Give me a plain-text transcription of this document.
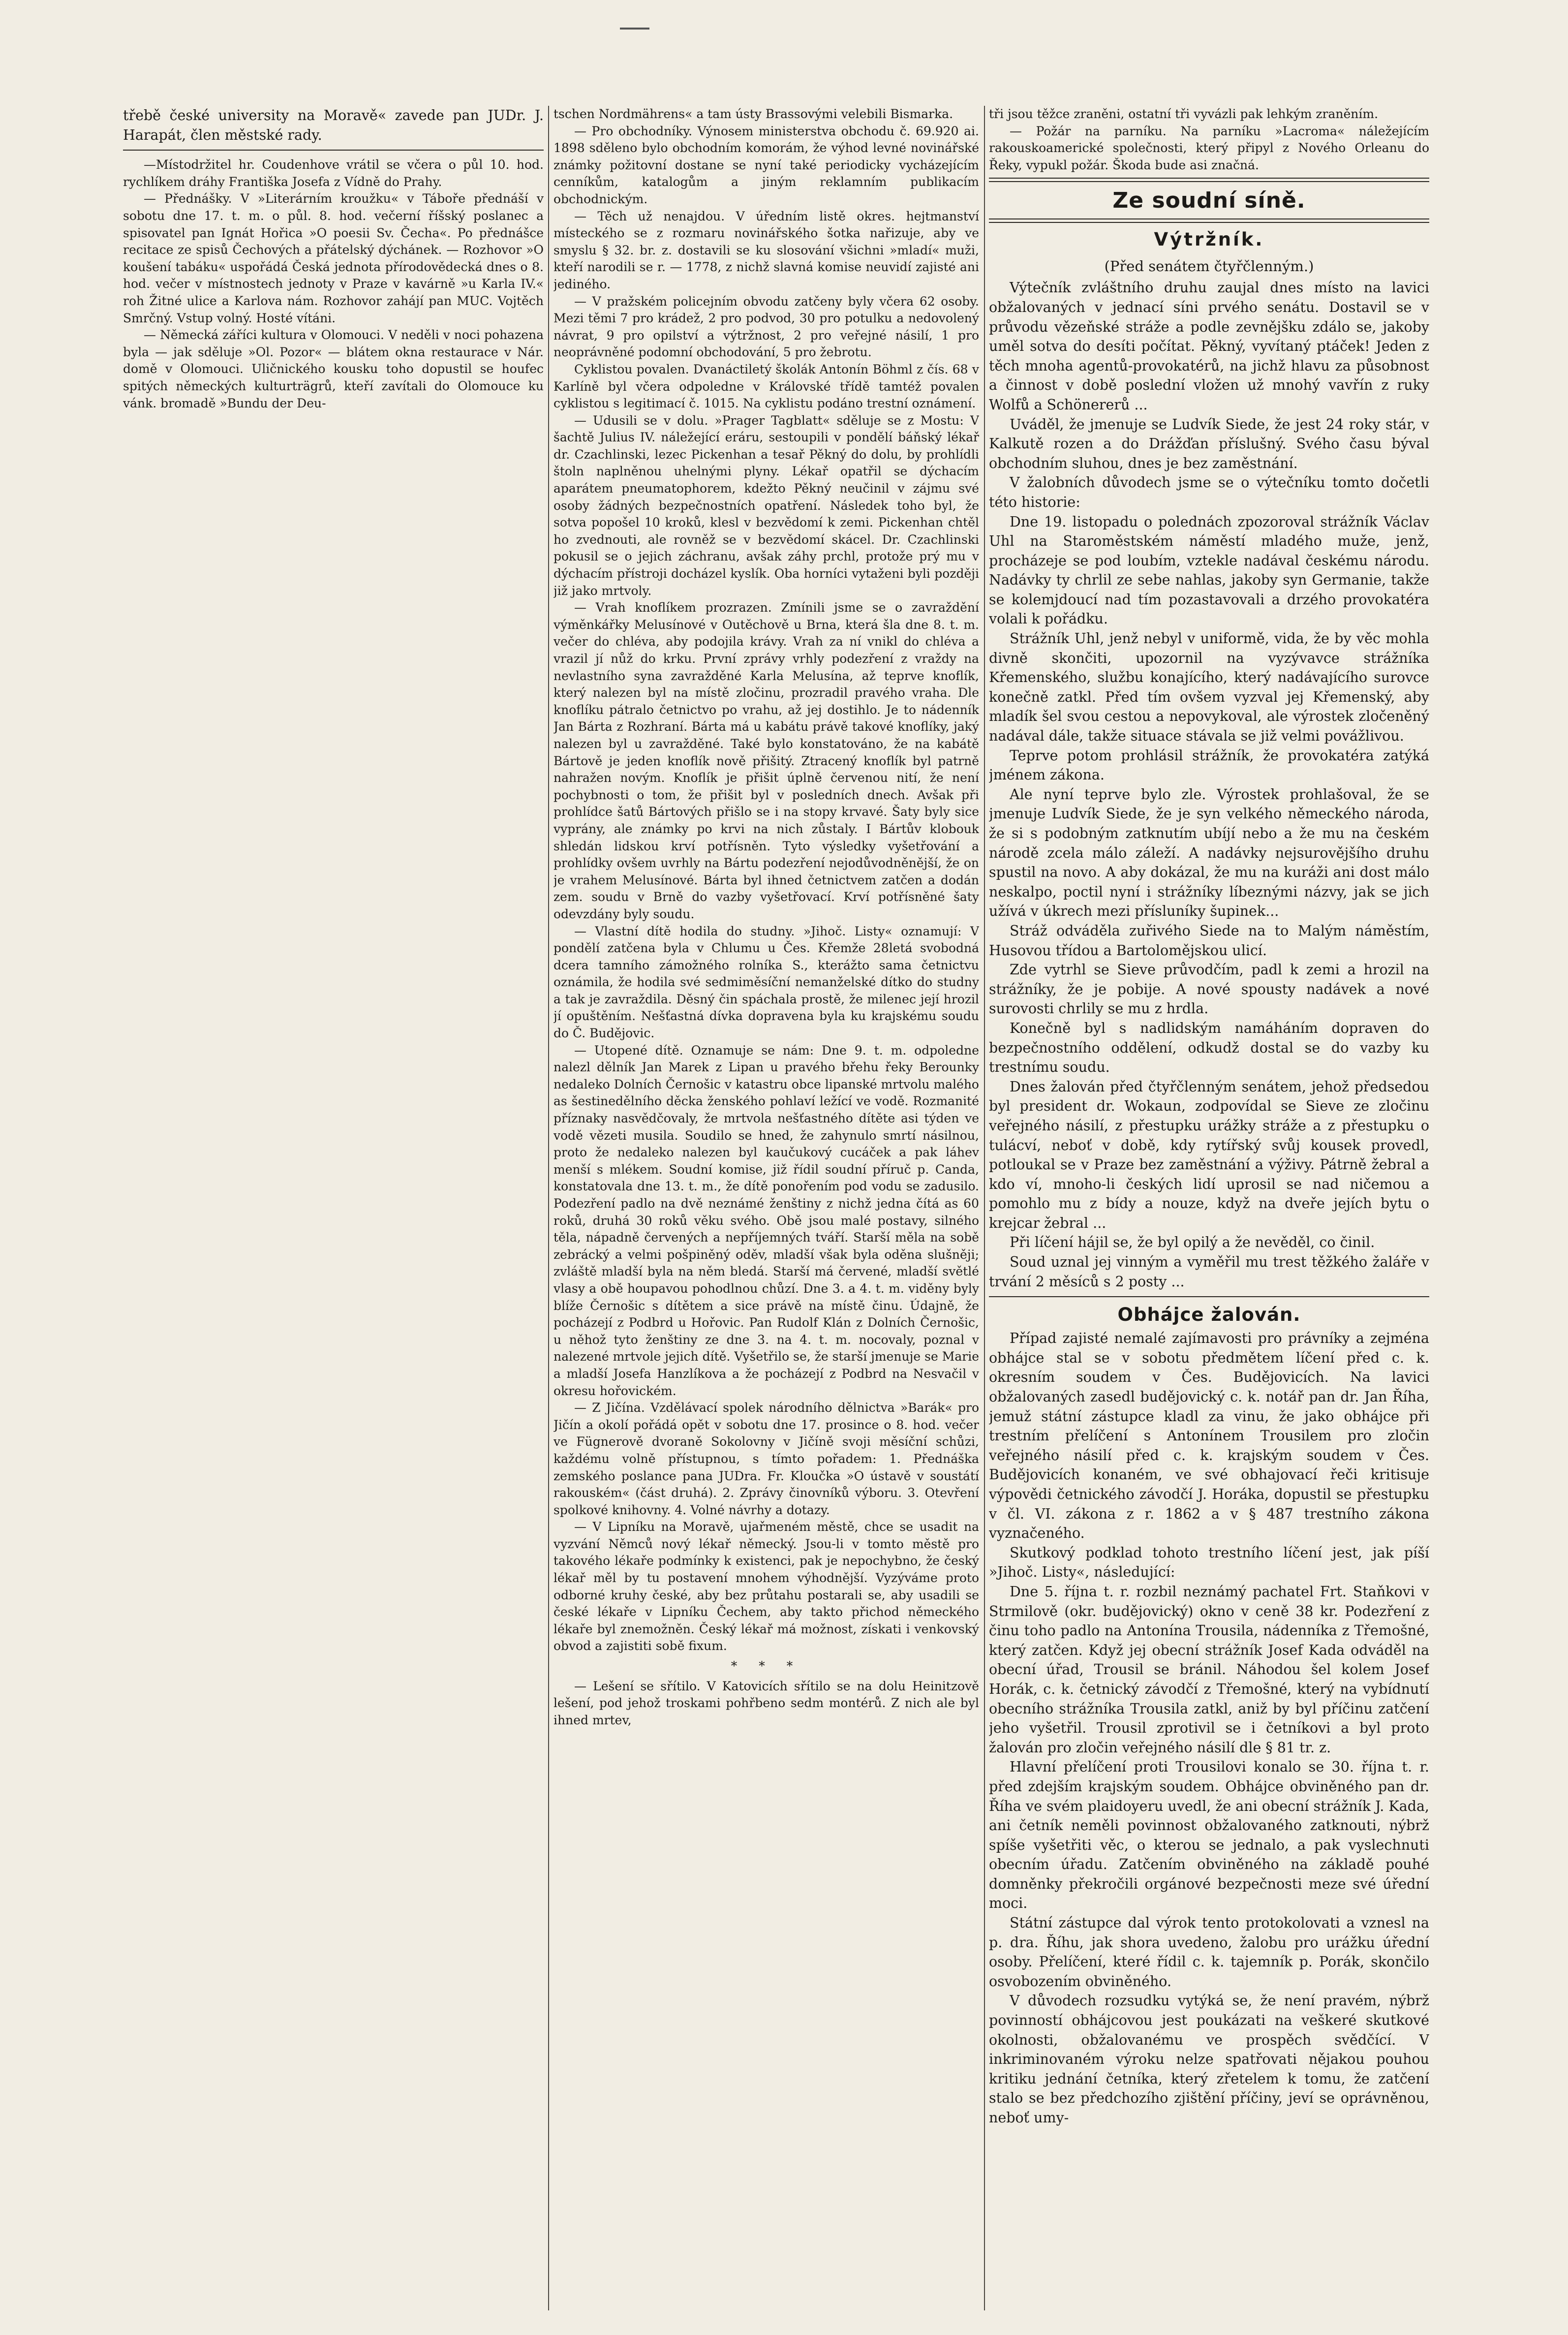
třebě české university na Moravě« zavede pan JUDr. J. Harapát, člen městské rady.

—Místodržitel hr. Coudenhove vrátil se včera o půl 10. hod. rychlíkem dráhy Františka Josefa z Vídně do Prahy.

— Přednášky. V »Literárním kroužku« v Táboře přednáší v sobotu dne 17. t. m. o půl. 8. hod. večerní říšský poslanec a spisovatel pan Ignát Hořica »O poesii Sv. Čecha«. Po přednášce recitace ze spisů Čechových a přátelský dýchánek. — Rozhovor »O koušení tabáku« uspořádá Česká jednota přírodovědecká dnes o 8. hod. večer v místnostech jednoty v Praze v kavárně »u Karla IV.« roh Žitné ulice a Karlova nám. Rozhovor zahájí pan MUC. Vojtěch Smrčný. Vstup volný. Hosté vítáni.

— Německá záříci kultura v Olomouci. V neděli v noci pohazena byla — jak sděluje »Ol. Pozor« — blátem okna restaurace v Nár. domě v Olomouci. Uličnického kousku toho dopustil se houfec spitých německých kulturträgrů, kteří zavítali do Olomouce ku vánk. bromadě »Bundu der Deu-

tschen Nordmährens« a tam ústy Brassovými velebili Bismarka.

— Pro obchodníky. Výnosem ministerstva obchodu č. 69.920 ai. 1898 sděleno bylo obchodním komorám, že výhod levné novinářské známky požitovní dostane se nyní také periodicky vycházejícím cenníkům, katalogům a jiným reklamním publikacím obchodnickým.

— Těch už nenajdou. V úředním listě okres. hejtmanství místeckého se z rozmaru novinářského šotka nařizuje, aby ve smyslu § 32. br. z. dostavili se ku slosování všichni »mladí« muži, kteří narodili se r. — 1778, z nichž slavná komise neuvidí zajisté ani jediného.

— V pražském policejním obvodu zatčeny byly včera 62 osoby. Mezi těmi 7 pro krádež, 2 pro podvod, 30 pro potulku a nedovolený návrat, 9 pro opilství a výtržnost, 2 pro veřejné násilí, 1 pro neoprávněné podomní obchodování, 5 pro žebrotu.

Cyklistou povalen. Dvanáctiletý školák Antonín Böhml z čís. 68 v Karlíně byl včera odpoledne v Královské třídě tamtéž povalen cyklistou s legitimací č. 1015. Na cyklistu podáno trestní oznámení.

— Udusili se v dolu. »Prager Tagblatt« sděluje se z Mostu: V šachtě Julius IV. náležející eráru, sestoupili v pondělí báňský lékař dr. Czachlinski, lezec Pickenhan a tesař Pěkný do dolu, by prohlídli štoln naplněnou uhelnými plyny. Lékař opatřil se dýchacím aparátem pneumatophorem, kdežto Pěkný neučinil v zájmu své osoby žádných bezpečnostních opatření. Následek toho byl, že sotva popošel 10 kroků, klesl v bezvědomí k zemi. Pickenhan chtěl ho zvednouti, ale rovněž se v bezvědomí skácel. Dr. Czachlinski pokusil se o jejich záchranu, avšak záhy prchl, protože prý mu v dýchacím přístroji docházel kyslík. Oba horníci vytaženi byli později již jako mrtvoly.

— Vrah knoflíkem prozrazen. Zmínili jsme se o zavraždění výměnkářky Melusínové v Outěchově u Brna, která šla dne 8. t. m. večer do chléva, aby podojila krávy. Vrah za ní vnikl do chléva a vrazil jí nůž do krku. První zprávy vrhly podezření z vraždy na nevlastního syna zavražděné Karla Melusína, až teprve knoflík, který nalezen byl na místě zločinu, prozradil pravého vraha. Dle knoflíku pátralo četnictvo po vrahu, až jej dostihlo. Je to nádenník Jan Bárta z Rozhraní. Bárta má u kabátu právě takové knoflíky, jaký nalezen byl u zavražděné. Také bylo konstatováno, že na kabátě Bártově je jeden knoflík nově přišitý. Ztracený knoflík byl patrně nahražen novým. Knoflík je přišit úplně červenou nití, že není pochybnosti o tom, že přišit byl v posledních dnech. Avšak při prohlídce šatů Bártových přišlo se i na stopy krvavé. Šaty byly sice vyprány, ale známky po krvi na nich zůstaly. I Bártův klobouk shledán lidskou krví potřísněn. Tyto výsledky vyšetřování a prohlídky ovšem uvrhly na Bártu podezření nejodůvodněnější, že on je vrahem Melusínové. Bárta byl ihned četnictvem zatčen a dodán zem. soudu v Brně do vazby vyšetřovací. Krví potřísněné šaty odevzdány byly soudu.

— Vlastní dítě hodila do studny. »Jihoč. Listy« oznamují: V pondělí zatčena byla v Chlumu u Čes. Křemže 28letá svobodná dcera tamního zámožného rolníka S., kterážto sama četnictvu oznámila, že hodila své sedmiměsíční nemanželské dítko do studny a tak je zavraždila. Děsný čin spáchala prostě, že milenec její hrozil jí opuštěním. Nešťastná dívka dopravena byla ku krajskému soudu do Č. Budějovic.

— Utopené dítě. Oznamuje se nám: Dne 9. t. m. odpoledne nalezl dělník Jan Marek z Lipan u pravého břehu řeky Berounky nedaleko Dolních Černošic v katastru obce lipanské mrtvolu malého as šestinedělního děcka ženského pohlaví ležící ve vodě. Rozmanité příznaky nasvědčovaly, že mrtvola nešťastného dítěte asi týden ve vodě vězeti musila. Soudilo se hned, že zahynulo smrtí násilnou, proto že nedaleko nalezen byl kaučukový cucáček a pak láhev menší s mlékem. Soudní komise, již řídil soudní příruč p. Canda, konstatovala dne 13. t. m., že dítě ponořením pod vodu se zadusilo. Podezření padlo na dvě neznámé ženštiny z nichž jedna čítá as 60 roků, druhá 30 roků věku svého. Obě jsou malé postavy, silného těla, nápadně červených a nepříjemných tváří. Starší měla na sobě zebrácký a velmi pošpiněný oděv, mladší však byla oděna slušněji; zvláště mladší byla na něm bledá. Starší má červené, mladší světlé vlasy a obě houpavou pohodlnou chůzí. Dne 3. a 4. t. m. viděny byly blíže Černošic s dítětem a sice právě na místě činu. Údajně, že pocházejí z Podbrd u Hořovic. Pan Rudolf Klán z Dolních Černošic, u něhož tyto ženštiny ze dne 3. na 4. t. m. nocovaly, poznal v nalezené mrtvole jejich dítě. Vyšetřilo se, že starší jmenuje se Marie a mladší Josefa Hanzlíkova a že pocházejí z Podbrd na Nesvačil v okresu hořovickém.

— Z Jičína. Vzdělávací spolek národního dělnictva »Barák« pro Jičín a okolí pořádá opět v sobotu dne 17. prosince o 8. hod. večer ve Fügnerově dvoraně Sokolovny v Jičíně svoji měsíční schůzi, každému volně přístupnou, s tímto pořadem: 1. Přednáška zemského poslance pana JUDra. Fr. Kloučka »O ústavě v soustátí rakouském« (část druhá). 2. Zprávy činovníků výboru. 3. Otevření spolkové knihovny. 4. Volné návrhy a dotazy.

— V Lipníku na Moravě, ujařmeném městě, chce se usadit na vyzvání Němců nový lékař německý. Jsou-li v tomto městě pro takového lékaře podmínky k existenci, pak je nepochybno, že český lékař měl by tu postavení mnohem výhodnější. Vyzýváme proto odborné kruhy české, aby bez průtahu postarali se, aby usadili se české lékaře v Lipníku Čechem, aby takto přichod německého lékaře byl znemožněn. Český lékař má možnost, získati i venkovský obvod a zajistiti sobě fixum.

* * *

— Lešení se sřítilo. V Katovicích sřítilo se na dolu Heinitzově lešení, pod jehož troskami pohřbeno sedm montérů. Z nich ale byl ihned mrtev,

tři jsou těžce zraněni, ostatní tři vyvázli pak lehkým zraněním.

— Požár na parníku. Na parníku »Lacroma« náležejícím rakouskoamerické společnosti, který připyl z Nového Orleanu do Řeky, vypukl požár. Škoda bude asi značná.

Ze soudní síně.
Výtržník.
(Před senátem čtyřčlenným.)

Výtečník zvláštního druhu zaujal dnes místo na lavici obžalovaných v jednací síni prvého senátu. Dostavil se v průvodu vězeňské stráže a podle zevnějšku zdálo se, jakoby uměl sotva do desíti počítat. Pěkný, vyvítaný ptáček! Jeden z těch mnoha agentů-provokatérů, na jichž hlavu za působnost a činnost v době poslední vložen už mnohý vavřín z ruky Wolfů a Schönererů ...

Uváděl, že jmenuje se Ludvík Siede, že jest 24 roky stár, v Kalkutě rozen a do Drážďan příslušný. Svého času býval obchodním sluhou, dnes je bez zaměstnání.

V žalobních důvodech jsme se o výtečníku tomto dočetli této historie:

Dne 19. listopadu o polednách zpozoroval strážník Václav Uhl na Staroměstském náměstí mladého muže, jenž, procházeje se pod loubím, vztekle nadával českému národu. Nadávky ty chrlil ze sebe nahlas, jakoby syn Germanie, takže se kolemjdoucí nad tím pozastavovali a drzého provokatéra volali k pořádku.

Strážník Uhl, jenž nebyl v uniformě, vida, že by věc mohla divně skončiti, upozornil na vyzývavce strážníka Křemenského, službu konajícího, který nadávajícího surovce konečně zatkl. Před tím ovšem vyzval jej Křemenský, aby mladík šel svou cestou a nepovykoval, ale výrostek zločeněný nadával dále, takže situace stávala se již velmi povážlivou.

Teprve potom prohlásil strážník, že provokatéra zatýká jménem zákona.

Ale nyní teprve bylo zle. Výrostek prohlašoval, že se jmenuje Ludvík Siede, že je syn velkého německého národa, že si s podobným zatknutím ubíjí nebo a že mu na českém národě zcela málo záleží. A nadávky nejsurovějšího druhu spustil na novo. A aby dokázal, že mu na kuráži ani dost málo neskalpo, poctil nyní i strážníky líbeznými názvy, jak se jich užívá v úkrech mezi přísluníky šupinek...

Stráž odváděla zuřivého Siede na to Malým náměstím, Husovou třídou a Bartolomějskou ulicí.

Zde vytrhl se Sieve průvodčím, padl k zemi a hrozil na strážníky, že je pobije. A nové spousty nadávek a nové surovosti chrlily se mu z hrdla.

Konečně byl s nadlidským namáháním dopraven do bezpečnostního oddělení, odkudž dostal se do vazby ku trestnímu soudu.

Dnes žalován před čtyřčlenným senátem, jehož předsedou byl president dr. Wokaun, zodpovídal se Sieve ze zločinu veřejného násilí, z přestupku urážky stráže a z přestupku o tulácví, neboť v době, kdy rytířský svůj kousek provedl, potloukal se v Praze bez zaměstnání a výživy. Pátrně žebral a kdo ví, mnoho-li českých lidí uprosil se nad ničemou a pomohlo mu z bídy a nouze, když na dveře jejích bytu o krejcar žebral ...

Při líčení hájil se, že byl opilý a že nevěděl, co činil.

Soud uznal jej vinným a vyměřil mu trest těžkého žaláře v trvání 2 měsíců s 2 posty ...

Obhájce žalován.

Případ zajisté nemalé zajímavosti pro právníky a zejména obhájce stal se v sobotu předmětem líčení před c. k. okresním soudem v Čes. Budějovicích. Na lavici obžalovaných zasedl budějovický c. k. notář pan dr. Jan Říha, jemuž státní zástupce kladl za vinu, že jako obhájce při trestním přelíčení s Antonínem Trousilem pro zločin veřejného násilí před c. k. krajským soudem v Čes. Budějovicích konaném, ve své obhajovací řeči kritisuje výpovědi četnického závodčí J. Horáka, dopustil se přestupku v čl. VI. zákona z r. 1862 a v § 487 trestního zákona vyznačeného.

Skutkový podklad tohoto trestního líčení jest, jak píší »Jihoč. Listy«, následující:

Dne 5. října t. r. rozbil neznámý pachatel Frt. Staňkovi v Strmilově (okr. budějovický) okno v ceně 38 kr. Podezření z činu toho padlo na Antonína Trousila, nádenníka z Třemošné, který zatčen. Když jej obecní strážník Josef Kada odváděl na obecní úřad, Trousil se bránil. Náhodou šel kolem Josef Horák, c. k. četnický závodčí z Třemošné, který na vybídnutí obecního strážníka Trousila zatkl, aniž by byl příčinu zatčení jeho vyšetřil. Trousil zprotivil se i četníkovi a byl proto žalován pro zločin veřejného násilí dle § 81 tr. z.

Hlavní přelíčení proti Trousilovi konalo se 30. října t. r. před zdejším krajským soudem. Obhájce obviněného pan dr. Říha ve svém plaidoyeru uvedl, že ani obecní strážník J. Kada, ani četník neměli povinnost obžalovaného zatknouti, nýbrž spíše vyšetřiti věc, o kterou se jednalo, a pak vyslechnuti obecním úřadu. Zatčením obviněného na základě pouhé domněnky překročili orgánové bezpečnosti meze své úřední moci.

Státní zástupce dal výrok tento protokolovati a vznesl na p. dra. Říhu, jak shora uvedeno, žalobu pro urážku úřední osoby. Přelíčení, které řídil c. k. tajemník p. Porák, skončilo osvobozením obviněného.

V důvodech rozsudku vytýká se, že není pravém, nýbrž povinností obhájcovou jest poukázati na veškeré skutkové okolnosti, obžalovanému ve prospěch svědčící. V inkriminovaném výroku nelze spatřovati nějakou pouhou kritiku jednání četníka, který zřetelem k tomu, že zatčení stalo se bez předchozího zjištění příčiny, jeví se oprávněnou, neboť umy-
